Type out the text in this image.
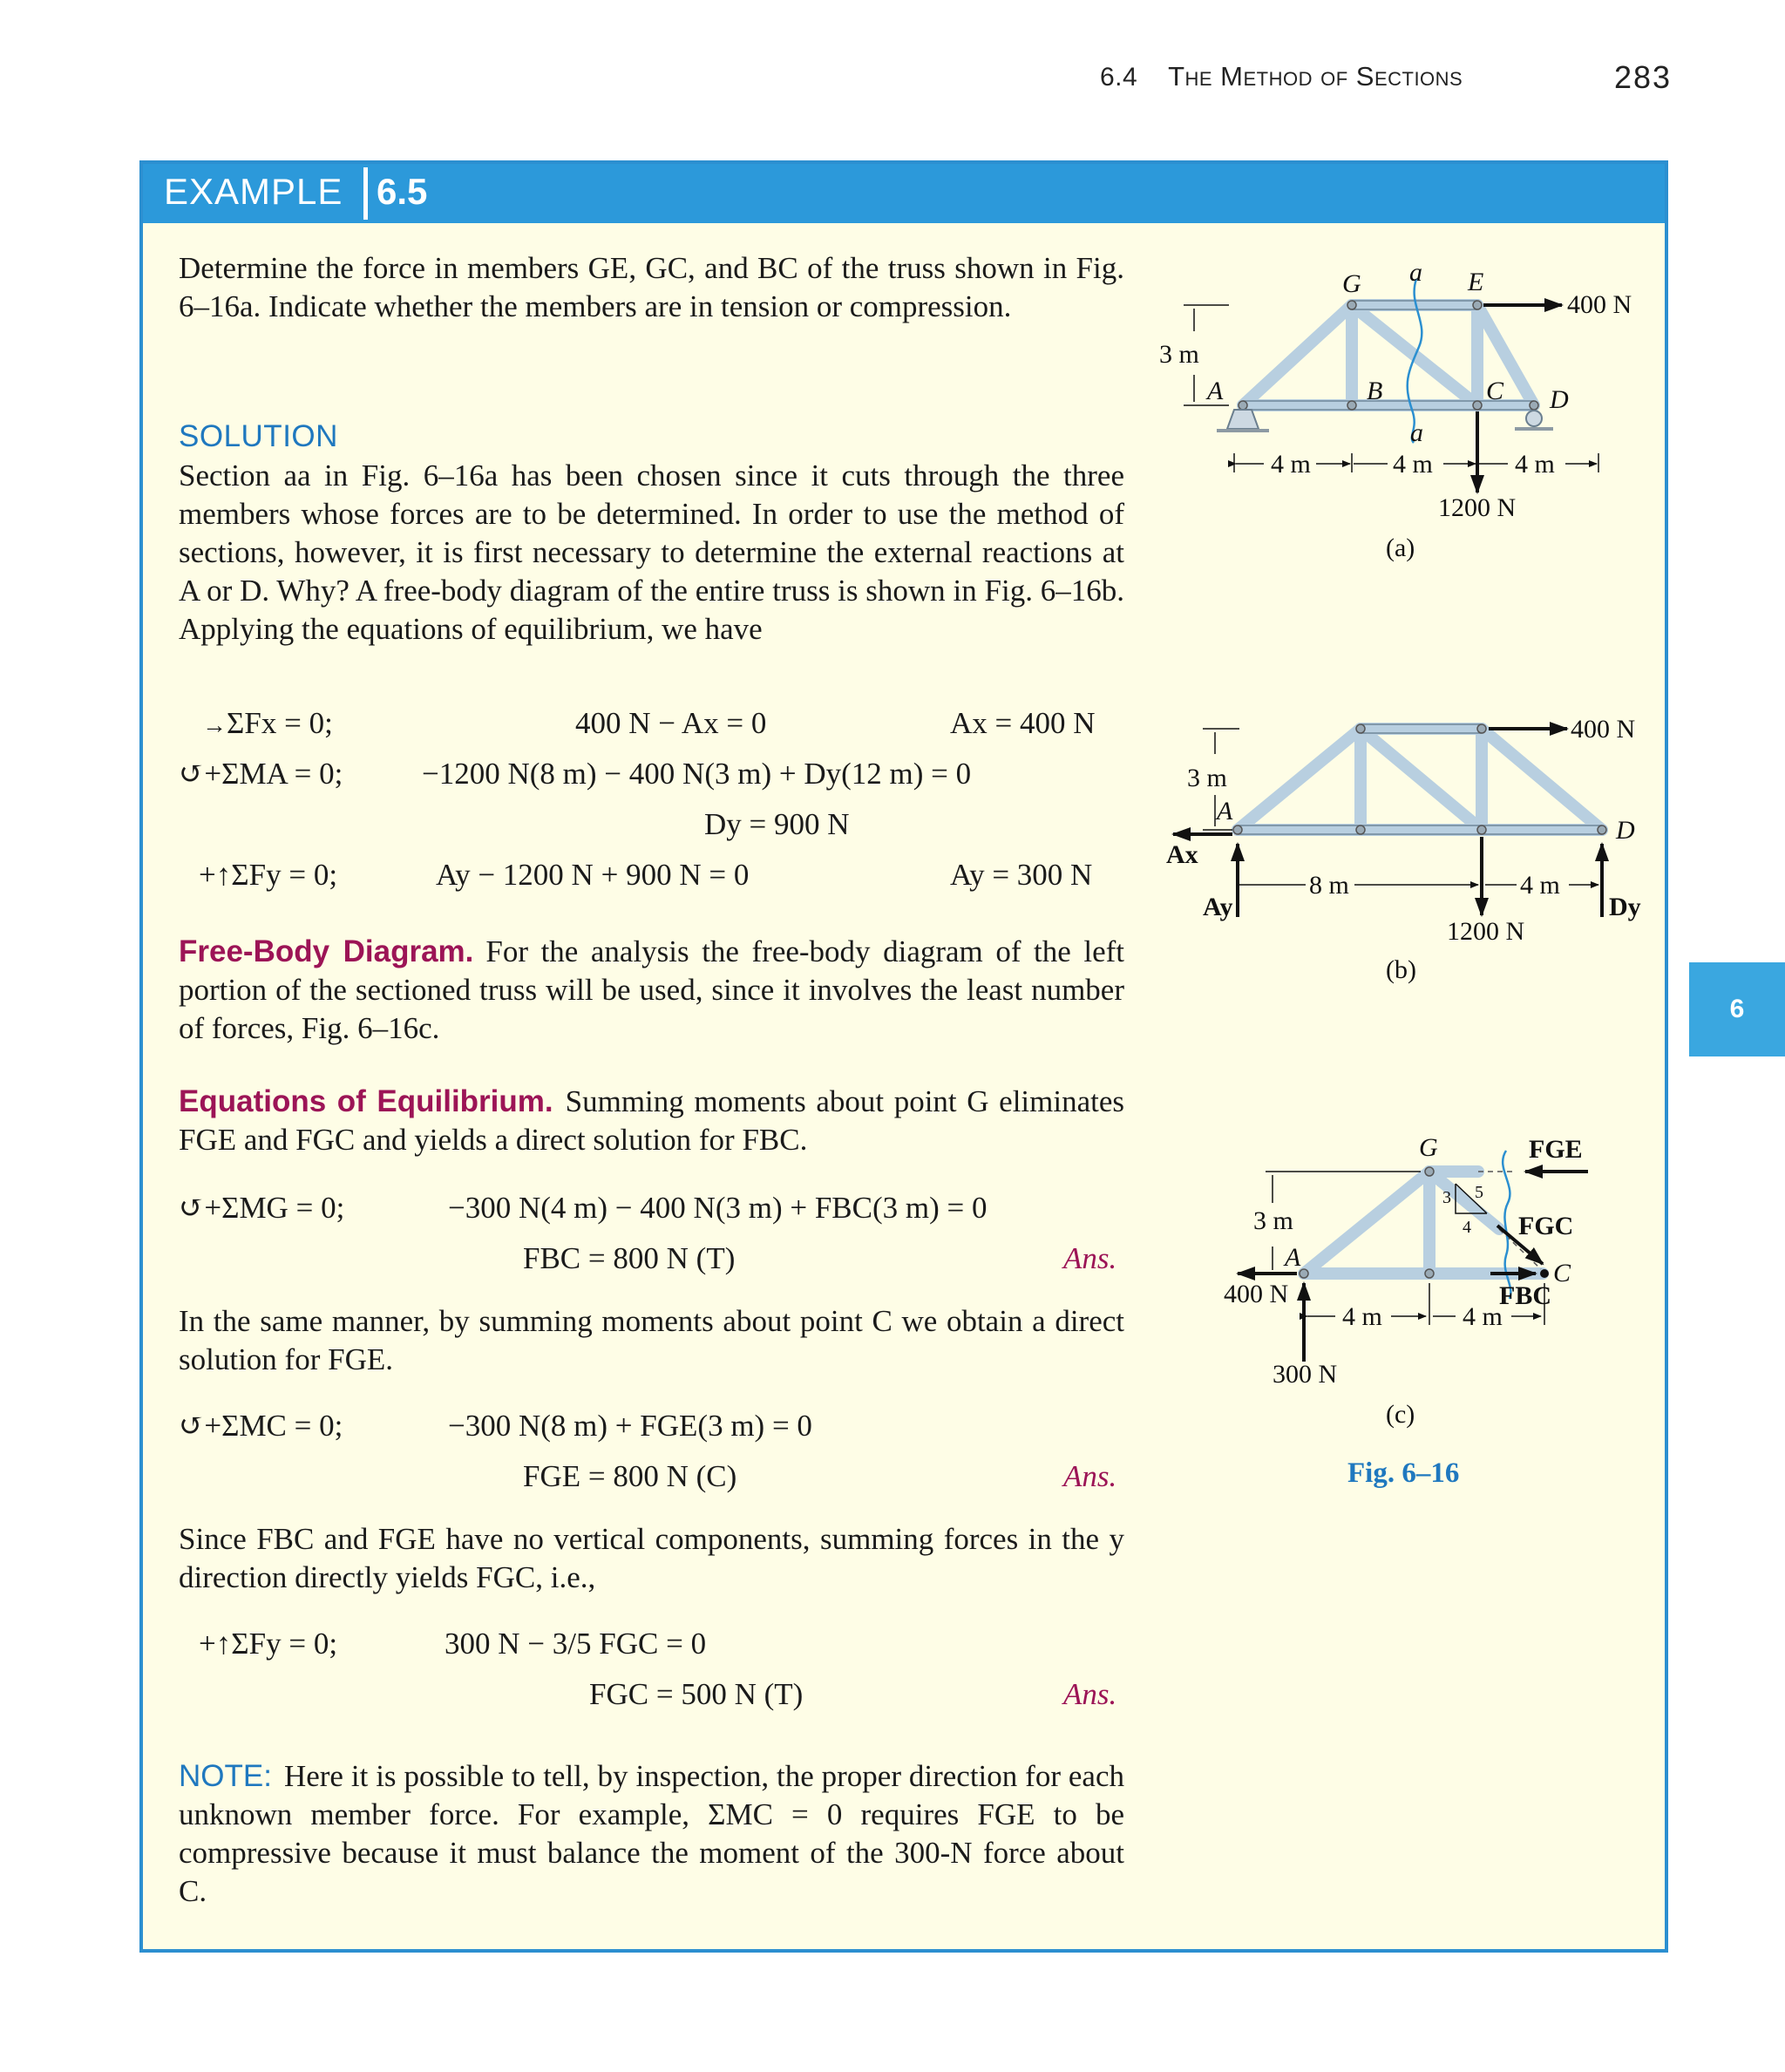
6.4 The Method of Sections	283
6
EXAMPLE 6.5

Determine the force in members GE, GC, and BC of the truss shown in Fig. 6–16a. Indicate whether the members are in tension or compression.

SOLUTION

Section aa in Fig. 6–16a has been chosen since it cuts through the three members whose forces are to be determined. In order to use the method of sections, however, it is first necessary to determine the external reactions at A or D. Why? A free-body diagram of the entire truss is shown in Fig. 6–16b. Applying the equations of equilibrium, we have

→ΣFx = 0;	400 N − Ax = 0	Ax = 400 N
↺+ΣMA = 0;	−1200 N(8 m) − 400 N(3 m) + Dy(12 m) = 0
Dy = 900 N
+↑ΣFy = 0;	Ay − 1200 N + 900 N = 0	Ay = 300 N

Free-Body Diagram. For the analysis the free-body diagram of the left portion of the sectioned truss will be used, since it involves the least number of forces, Fig. 6–16c.

Equations of Equilibrium. Summing moments about point G eliminates FGE and FGC and yields a direct solution for FBC.

↺+ΣMG = 0;	−300 N(4 m) − 400 N(3 m) + FBC(3 m) = 0
FBC = 800 N (T)	Ans.

In the same manner, by summing moments about point C we obtain a direct solution for FGE.

↺+ΣMC = 0;	−300 N(8 m) + FGE(3 m) = 0
FGE = 800 N (C)	Ans.

Since FBC and FGE have no vertical components, summing forces in the y direction directly yields FGC, i.e.,

+↑ΣFy = 0;	300 N − 3/5 FGC = 0
FGC = 500 N (T)	Ans.

NOTE: Here it is possible to tell, by inspection, the proper direction for each unknown member force. For example, ΣMC = 0 requires FGE to be compressive because it must balance the moment of the 300-N force about C.

G a E
400 N
3 m
A	B	C D
a
4 m	4 m	4 m
1200 N
(a)
400 N
3 m
A
D
Ax
Ay	Dy
8 m	4 m
1200 N
(b)
G	FGE
3 m
5
3
4 FGC
A
C
400 N	FBC
4 m	4 m
300 N
(c)
Fig. 6–16
